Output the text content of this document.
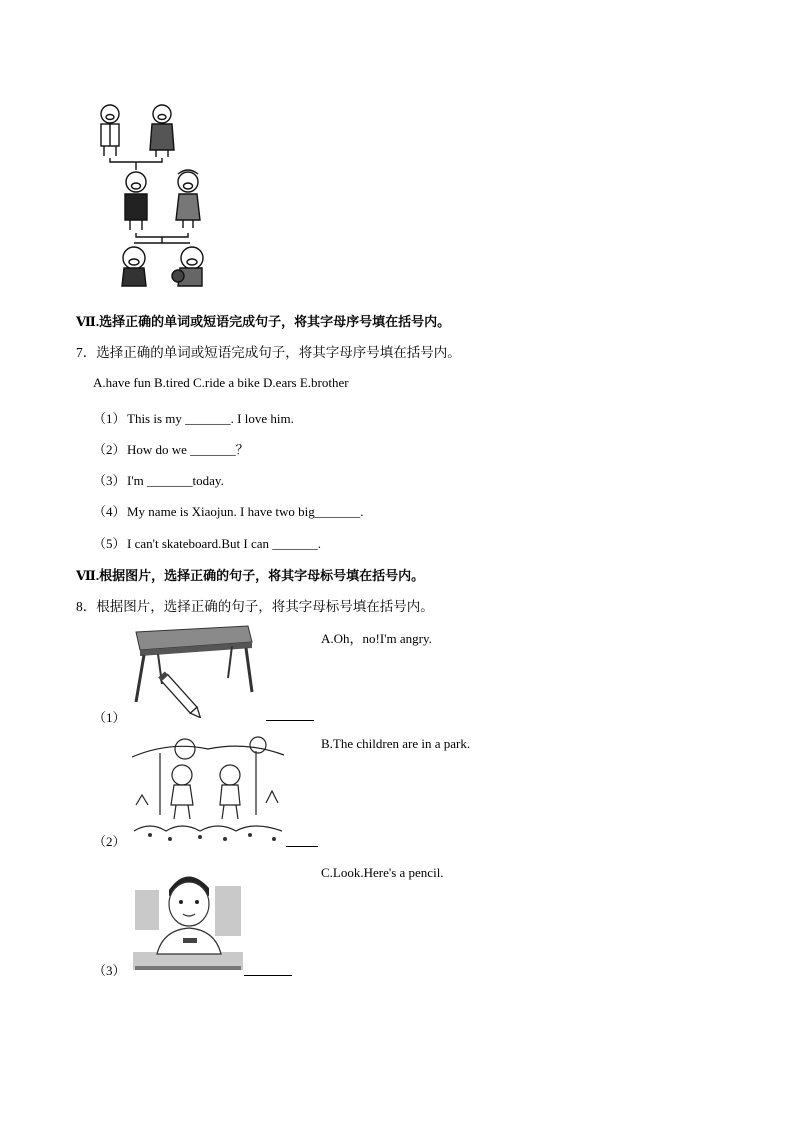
Ⅶ.选择正确的单词或短语完成句子，将其字母序号填在括号内。
7．选择正确的单词或短语完成句子，将其字母序号填在括号内。
A.have fun B.tired C.ride a bike D.ears E.brother
（1）This is my _______. I love him.
（2）How do we _______？
（3）I'm _______today.
（4）My name is Xiaojun. I have two big_______.
（5）I can't skateboard.But I can _______.
Ⅶ.根据图片，选择正确的句子，将其字母标号填在括号内。
8．根据图片，选择正确的句子，将其字母标号填在括号内。
（1）
A.Oh，no!I'm angry.
（2）
B.The children are in a park.
（3）
C.Look.Here's a pencil.
